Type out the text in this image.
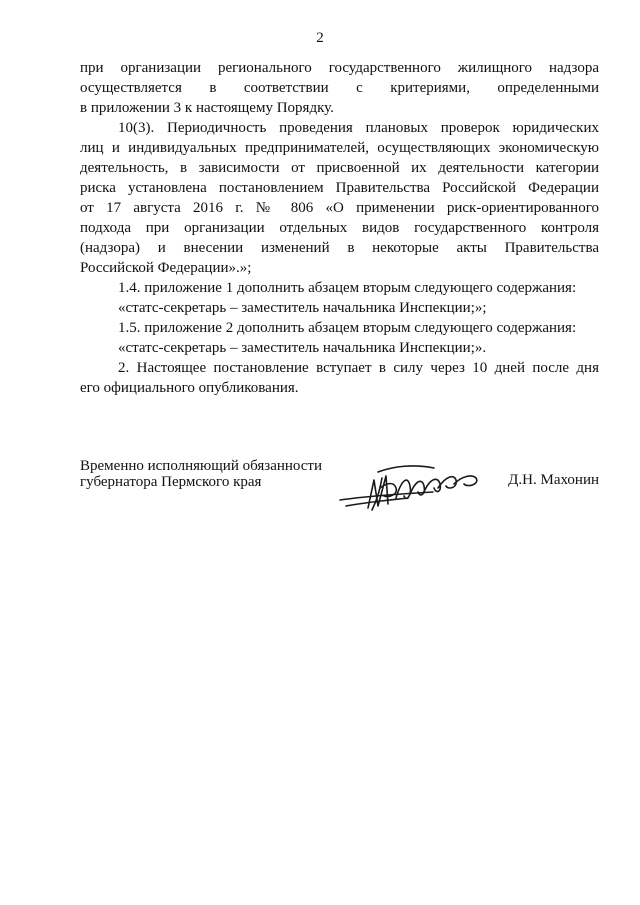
2

при организации регионального государственного жилищного надзора
осуществляется в соответствии с критериями, определенными
в приложении 3 к настоящему Порядку.

10(3). Периодичность проведения плановых проверок юридических
лиц и индивидуальных предпринимателей, осуществляющих экономическую
деятельность, в зависимости от присвоенной их деятельности категории
риска установлена постановлением Правительства Российской Федерации
от 17 августа 2016 г. № 806 «О применении риск-ориентированного
подхода при организации отдельных видов государственного контроля
(надзора) и внесении изменений в некоторые акты Правительства
Российской Федерации».»;

1.4. приложение 1 дополнить абзацем вторым следующего содержания:

«статс-секретарь – заместитель начальника Инспекции;»;

1.5. приложение 2 дополнить абзацем вторым следующего содержания:

«статс-секретарь – заместитель начальника Инспекции;».

2. Настоящее постановление вступает в силу через 10 дней после дня
его официального опубликования.

Временно исполняющий обязанности
губернатора Пермского края	Д.Н. Махонин
